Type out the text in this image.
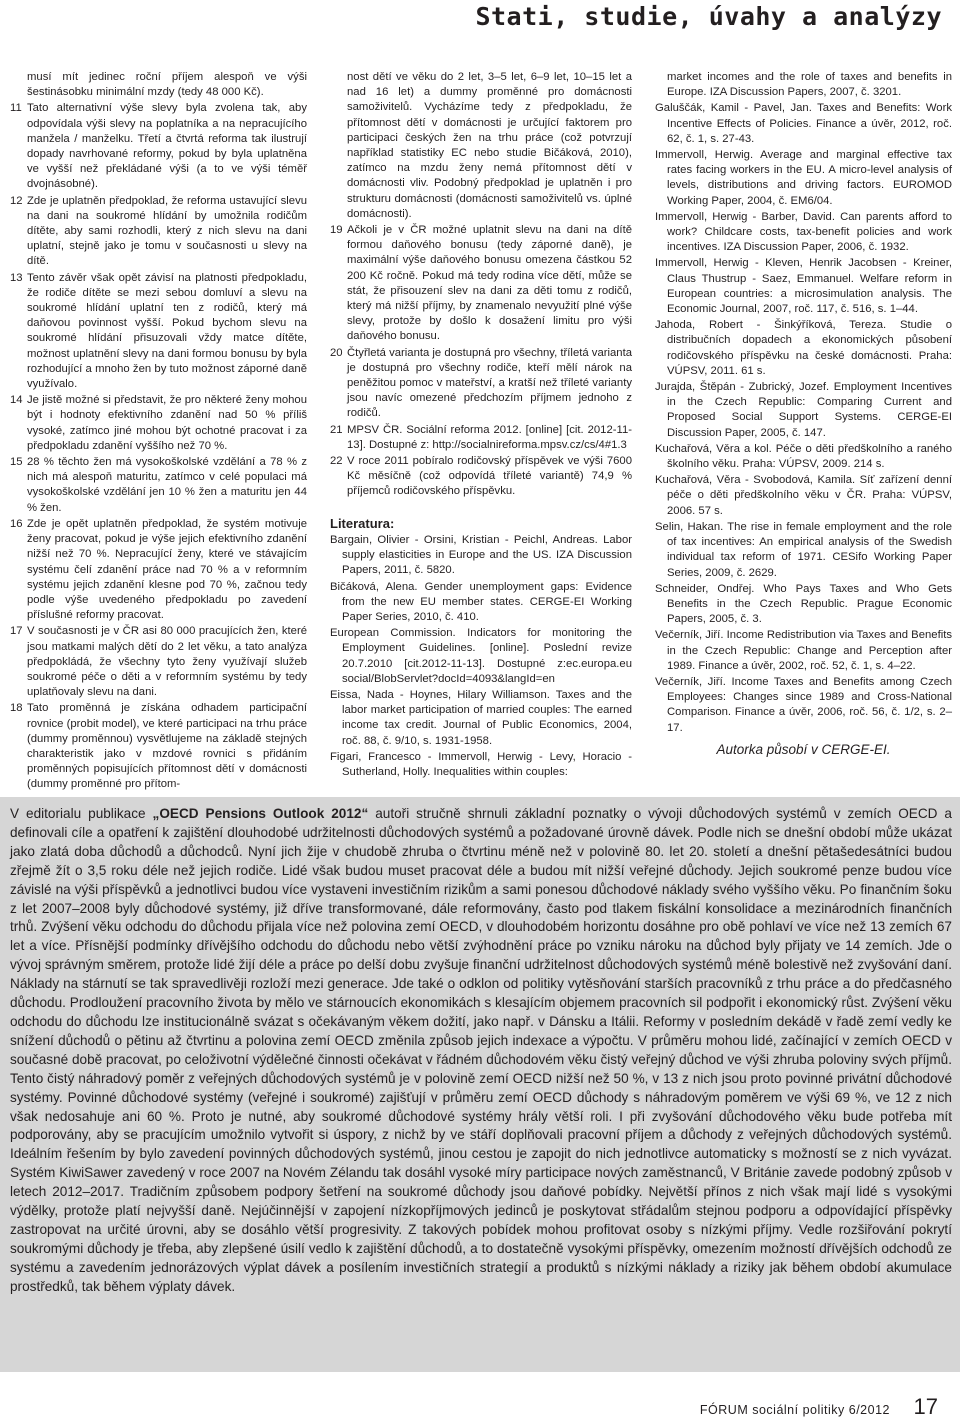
Stati, studie, úvahy a analýzy

musí mít jedinec roční příjem alespoň ve výši šestinásobku minimální mzdy (tedy 48 000 Kč).

11 Tato alternativní výše slevy byla zvolena tak, aby odpovídala výši slevy na poplatníka a na nepracujícího manžela / manželku. Třetí a čtvrtá reforma tak ilustrují dopady navrhované reformy, pokud by byla uplatněna ve vyšší než překládané výši (a to ve výši téměř dvojnásobné).
12 Zde je uplatněn předpoklad, že reforma ustavující slevu na dani na soukromé hlídání by umožnila rodičům dítěte, aby sami rozhodli, který z nich slevu na dani uplatní, stejně jako je tomu v současnosti u slevy na dítě.
13 Tento závěr však opět závisí na platnosti předpokladu, že rodiče dítěte se mezi sebou domluví a slevu na soukromé hlídání uplatní ten z rodičů, který má daňovou povinnost vyšší. Pokud bychom slevu na soukromé hlídání přisuzovali vždy matce dítěte, možnost uplatnění slevy na dani formou bonusu by byla rozhodující a mnoho žen by tuto možnost záporné daně využívalo.
14 Je jistě možné si představit, že pro některé ženy mohou být i hodnoty efektivního zdanění nad 50 % příliš vysoké, zatímco jiné mohou být ochotné pracovat i za předpokladu zdanění vyššího než 70 %.
15 28 % těchto žen má vysokoškolské vzdělání a 78 % z nich má alespoň maturitu, zatímco v celé populaci má vysokoškolské vzdělání jen 10 % žen a maturitu jen 44 % žen.
16 Zde je opět uplatněn předpoklad, že systém motivuje ženy pracovat, pokud je výše jejich efektivního zdanění nižší než 70 %. Nepracující ženy, které ve stávajícím systému čelí zdanění práce nad 70 % a v reformním systému jejich zdanění klesne pod 70 %, začnou tedy podle výše uvedeného předpokladu po zavedení příslušné reformy pracovat.
17 V současnosti je v ČR asi 80 000 pracujících žen, které jsou matkami malých dětí do 2 let věku, a tato analýza předpokládá, že všechny tyto ženy využívají služeb soukromé péče o děti a v reformním systému by tedy uplatňovaly slevu na dani.
18 Tato proměnná je získána odhadem participační rovnice (probit model), ve které participaci na trhu práce (dummy proměnnou) vysvětlujeme na základě stejných charakteristik jako v mzdové rovnici s přidáním proměnných popisujících přítomnost dětí v domácnosti (dummy proměnné pro přítom-

nost dětí ve věku do 2 let, 3–5 let, 6–9 let, 10–15 let a nad 16 let) a dummy proměnné pro domácnosti samoživitelů. Vycházíme tedy z předpokladu, že přítomnost dětí v domácnosti je určující faktorem pro participaci českých žen na trhu práce (což potvrzují například statistiky EC nebo studie Bičáková, 2010), zatímco na mzdu ženy nemá přítomnost dětí v domácnosti vliv. Podobný předpoklad je uplatněn i pro strukturu domácnosti (domácnosti samoživitelů vs. úplné domácnosti).

19 Ačkoli je v ČR možné uplatnit slevu na dani na dítě formou daňového bonusu (tedy záporné daně), je maximální výše daňového bonusu omezena částkou 52 200 Kč ročně. Pokud má tedy rodina více dětí, může se stát, že přisouzení slev na dani za děti tomu z rodičů, který má nižší příjmy, by znamenalo nevyužití plné výše slevy, protože by došlo k dosažení limitu pro výši daňového bonusu.
20 Čtyřletá varianta je dostupná pro všechny, tříletá varianta je dostupná pro všechny rodiče, kteří mělí nárok na peněžitou pomoc v mateřství, a kratší než tříleté varianty jsou navíc omezené předchozím příjmem jednoho z rodičů.
21 MPSV ČR. Sociální reforma 2012. [online] [cit. 2012-11-13]. Dostupné z: http://socialnireforma.mpsv.cz/cs/4#1.3
22 V roce 2011 pobíralo rodičovský příspěvek ve výši 7600 Kč měsíčně (což odpovídá tříleté variantě) 74,9 % příjemců rodičovského příspěvku.
Literatura:
Bargain, Olivier - Orsini, Kristian - Peichl, Andreas. Labor supply elasticities in Europe and the US. IZA Discussion Papers, 2011, č. 5820.
Bičáková, Alena. Gender unemployment gaps: Evidence from the new EU member states. CERGE-EI Working Paper Series, 2010, č. 410.
European Commission. Indicators for monitoring the Employment Guidelines. [online]. Poslední revize 20.7.2010 [cit.2012-11-13]. Dostupné z:ec.europa.eu social/BlobServlet?docId=4093&langId=en
Eissa, Nada - Hoynes, Hilary Williamson. Taxes and the labor market participation of married couples: The earned income tax credit. Journal of Public Economics, 2004, roč. 88, č. 9/10, s. 1931-1958.
Figari, Francesco - Immervoll, Herwig - Levy, Horacio - Sutherland, Holly. Inequalities within couples:

market incomes and the role of taxes and benefits in Europe. IZA Discussion Papers, 2007, č. 3201.

Galuščák, Kamil - Pavel, Jan. Taxes and Benefits: Work Incentive Effects of Policies. Finance a úvěr, 2012, roč. 62, č. 1, s. 27-43.
Immervoll, Herwig. Average and marginal effective tax rates facing workers in the EU. A micro-level analysis of levels, distributions and driving factors. EUROMOD Working Paper, 2004, č. EM6/04.
Immervoll, Herwig - Barber, David. Can parents afford to work? Childcare costs, tax-benefit policies and work incentives. IZA Discussion Paper, 2006, č. 1932.
Immervoll, Herwig - Kleven, Henrik Jacobsen - Kreiner, Claus Thustrup - Saez, Emmanuel. Welfare reform in European countries: a microsimulation analysis. The Economic Journal, 2007, roč. 117, č. 516, s. 1–44.
Jahoda, Robert - Šinkýříková, Tereza. Studie o distribučních dopadech a ekonomických působení rodičovského příspěvku na české domácnosti. Praha: VÚPSV, 2011. 61 s.
Jurajda, Štěpán - Zubrický, Jozef. Employment Incentives in the Czech Republic: Comparing Current and Proposed Social Support Systems. CERGE-EI Discussion Paper, 2005, č. 147.
Kuchařová, Věra a kol. Péče o děti předškolního a raného školního věku. Praha: VÚPSV, 2009. 214 s.
Kuchařová, Věra - Svobodová, Kamila. Síť zařízení denní péče o děti předškolního věku v ČR. Praha: VÚPSV, 2006. 57 s.
Selin, Hakan. The rise in female employment and the role of tax incentives: An empirical analysis of the Swedish individual tax reform of 1971. CESifo Working Paper Series, 2009, č. 2629.
Schneider, Ondřej. Who Pays Taxes and Who Gets Benefits in the Czech Republic. Prague Economic Papers, 2005, č. 3.
Večerník, Jiří. Income Redistribution via Taxes and Benefits in the Czech Republic: Change and Perception after 1989. Finance a úvěr, 2002, roč. 52, č. 1, s. 4–22.
Večerník, Jiří. Income Taxes and Benefits among Czech Employees: Changes since 1989 and Cross-National Comparison. Finance a úvěr, 2006, roč. 56, č. 1/2, s. 2–17.
Autorka působí v CERGE-EI.
V editorialu publikace „OECD Pensions Outlook 2012“ autoři stručně shrnuli základní poznatky o vývoji důchodových systémů v zemích OECD a definovali cíle a opatření k zajištění dlouhodobé udržitelnosti důchodových systémů a požadované úrovně dávek. Podle nich se dnešní období může ukázat jako zlatá doba důchodů a důchodců. Nyní jich žije v chudobě zhruba o čtvrtinu méně než v polovině 80. let 20. století a dnešní pětašedesátníci budou zřejmě žít o 3,5 roku déle než jejich rodiče. Lidé však budou muset pracovat déle a budou mít nižší veřejné důchody. Jejich soukromé penze budou více závislé na výši příspěvků a jednotlivci budou více vystaveni investičním rizikům a sami ponesou důchodové náklady svého vyššího věku. Po finančním šoku z let 2007–2008 byly důchodové systémy, již dříve transformované, dále reformovány, často pod tlakem fiskální konsolidace a mezinárodních finančních trhů. Zvýšení věku odchodu do důchodu přijala více než polovina zemí OECD, v dlouhodobém horizontu dosáhne pro obě pohlaví ve více než 13 zemích 67 let a více. Přísnější podmínky dřívějšího odchodu do důchodu nebo větší zvýhodnění práce po vzniku nároku na důchod byly přijaty ve 14 zemích. Jde o vývoj správným směrem, protože lidé žijí déle a práce po delší dobu zvyšuje finanční udržitelnost důchodových systémů méně bolestivě než zvyšování daní. Náklady na stárnutí se tak spravedlivěji rozloží mezi generace. Jde také o odklon od politiky vytěsňování starších pracovníků z trhu práce a do předčasného důchodu. Prodloužení pracovního života by mělo ve stárnoucích ekonomikách s klesajícím objemem pracovních sil podpořit i ekonomický růst. Zvýšení věku odchodu do důchodu lze institucionálně svázat s očekávaným věkem dožití, jako např. v Dánsku a Itálii. Reformy v posledním dekádě v řadě zemí vedly ke snížení důchodů o pětinu až čtvrtinu a polovina zemí OECD změnila způsob jejich indexace a výpočtu. V průměru mohou lidé, začínající v zemích OECD v současné době pracovat, po celoživotní výdělečné činnosti očekávat v řádném důchodovém věku čistý veřejný důchod ve výši zhruba poloviny svých příjmů. Tento čistý náhradový poměr z veřejných důchodových systémů je v polovině zemí OECD nižší než 50 %, v 13 z nich jsou proto povinné privátní důchodové systémy. Povinné důchodové systémy (veřejné i soukromé) zajišťují v průměru zemí OECD důchody s náhradovým poměrem ve výši 69 %, ve 12 z nich však nedosahuje ani 60 %. Proto je nutné, aby soukromé důchodové systémy hrály větší roli. I při zvyšování důchodového věku bude potřeba mít podporovány, aby se pracujícím umožnilo vytvořit si úspory, z nichž by ve stáří doplňovali pracovní příjem a důchody z veřejných důchodových systémů. Ideálním řešením by bylo zavedení povinných důchodových systémů, jinou cestou je zapojit do nich jednotlivce automaticky s možností se z nich vyvázat. Systém KiwiSawer zavedený v roce 2007 na Novém Zélandu tak dosáhl vysoké míry participace nových zaměstnanců, V Británie zavede podobný způsob v letech 2012–2017. Tradičním způsobem podpory šetření na soukromé důchody jsou daňové pobídky. Největší přínos z nich však mají lidé s vysokými výdělky, protože platí nejvyšší daně. Nejúčinnější v zapojení nízkopříjmových jedinců je poskytovat střádalům stejnou podporu a odpovídající příspěvky zastropovat na určité úrovni, aby se dosáhlo větší progresivity. Z takových pobídek mohou profitovat osoby s nízkými příjmy. Vedle rozšiřování pokrytí soukromými důchody je třeba, aby zlepšené úsilí vedlo k zajištění důchodů, a to dostatečně vysokými příspěvky, omezením možností dřívějších odchodů ze systému a zavedením jednorázových výplat dávek a posílením investičních strategií a produktů s nízkými náklady a riziky jak během období akumulace prostředků, tak během výplaty dávek.
FÓRUM sociální politiky 6/2012 17
